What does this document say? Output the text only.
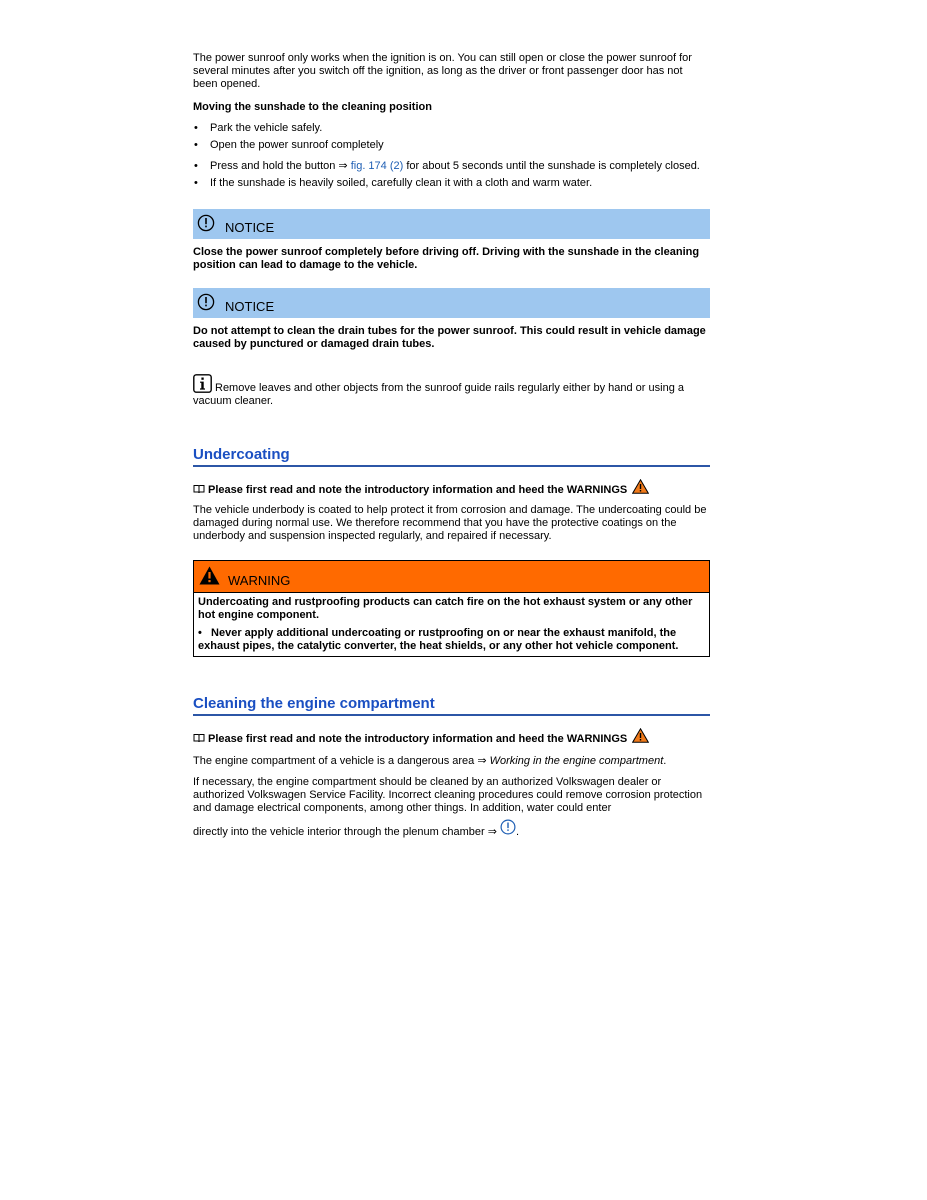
The power sunroof only works when the ignition is on. You can still open or close the power sunroof for several minutes after you switch off the ignition, as long as the driver or front passenger door has not been opened.

Moving the sunshade to the cleaning position

• Park the vehicle safely.
• Open the power sunroof completely
• Press and hold the button ⇒ fig. 174 (2) for about 5 seconds until the sunshade is completely closed.
• If the sunshade is heavily soiled, carefully clean it with a cloth and warm water.
NOTICE

Close the power sunroof completely before driving off. Driving with the sunshade in the cleaning position can lead to damage to the vehicle.

NOTICE

Do not attempt to clean the drain tubes for the power sunroof. This could result in vehicle damage caused by punctured or damaged drain tubes.

Remove leaves and other objects from the sunroof guide rails regularly either by hand or using a vacuum cleaner.

Undercoating

Please first read and note the introductory information and heed the WARNINGS

The vehicle underbody is coated to help protect it from corrosion and damage. The undercoating could be damaged during normal use. We therefore recommend that you have the protective coatings on the underbody and suspension inspected regularly, and repaired if necessary.

WARNING

Undercoating and rustproofing products can catch fire on the hot exhaust system or any other hot engine component.

•   Never apply additional undercoating or rustproofing on or near the exhaust manifold, the exhaust pipes, the catalytic converter, the heat shields, or any other hot vehicle component.

Cleaning the engine compartment

Please first read and note the introductory information and heed the WARNINGS

The engine compartment of a vehicle is a dangerous area ⇒ Working in the engine compartment.

If necessary, the engine compartment should be cleaned by an authorized Volkswagen dealer or authorized Volkswagen Service Facility. Incorrect cleaning procedures could remove corrosion protection and damage electrical components, among other things. In addition, water could enter

directly into the vehicle interior through the plenum chamber ⇒ .
